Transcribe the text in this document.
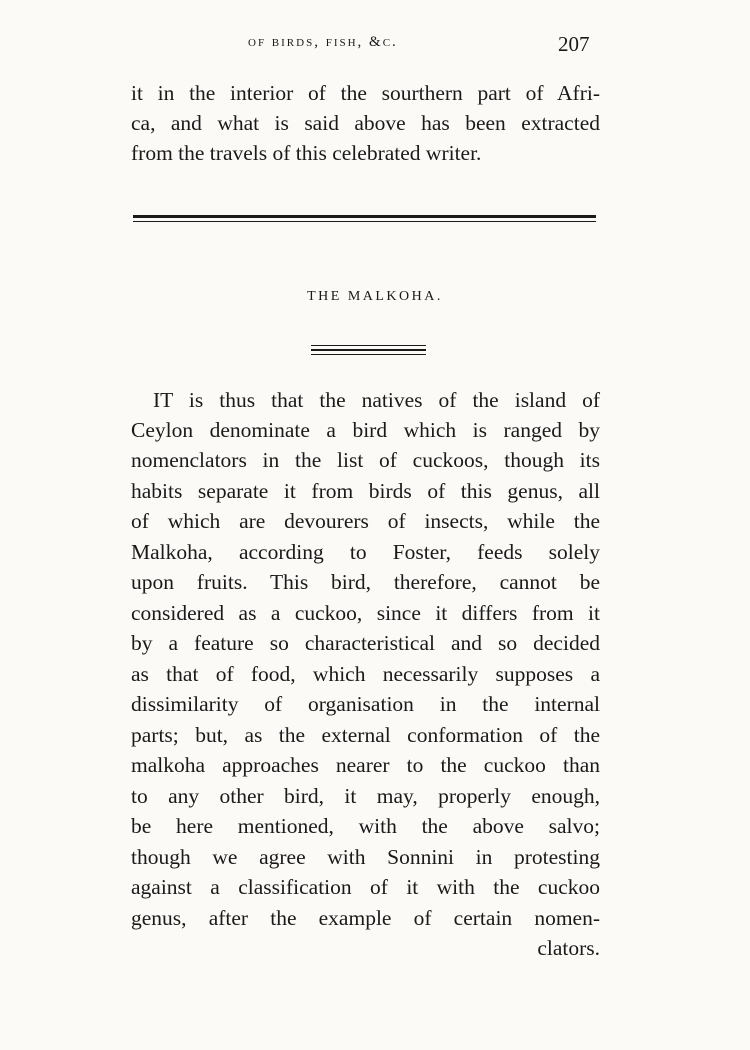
of birds, fish, &c.	207
it in the interior of the sourthern part of Afri-
ca, and what is said above has been extracted
from the travels of this celebrated writer.
THE MALKOHA.
IT is thus that the natives of the island of
Ceylon denominate a bird which is ranged by
nomenclators in the list of cuckoos, though its
habits separate it from birds of this genus, all
of which are devourers of insects, while the
Malkoha, according to Foster, feeds solely
upon fruits. This bird, therefore, cannot be
considered as a cuckoo, since it differs from it
by a feature so characteristical and so decided
as that of food, which necessarily supposes a
dissimilarity of organisation in the internal
parts; but, as the external conformation of the
malkoha approaches nearer to the cuckoo than
to any other bird, it may, properly enough,
be here mentioned, with the above salvo;
though we agree with Sonnini in protesting
against a classification of it with the cuckoo
genus, after the example of certain nomen-
clators.
